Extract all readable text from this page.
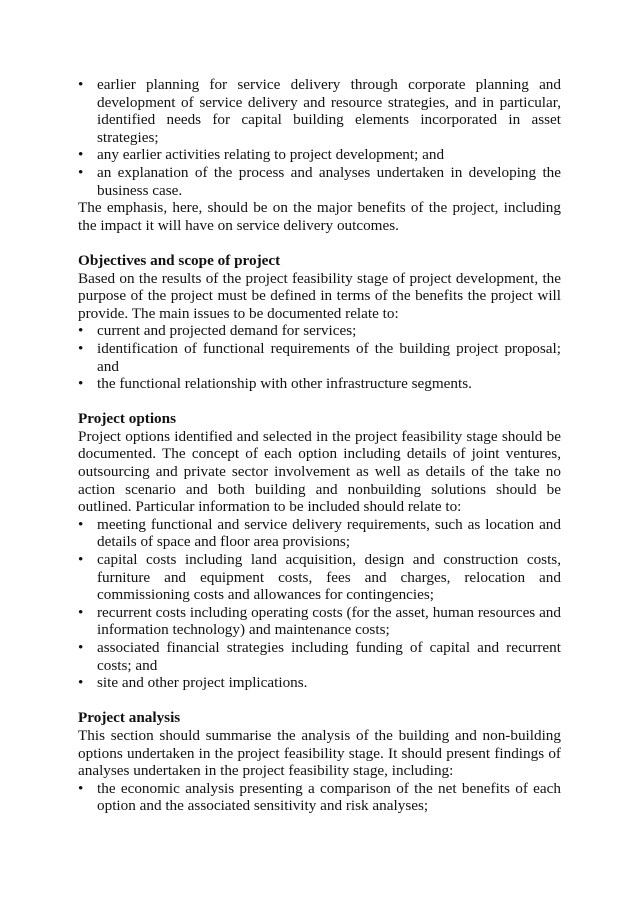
•
earlier planning for service delivery through corporate planning and development of service delivery and resource strategies, and in particular, identified needs for capital building elements incorporated in asset strategies;
•
any earlier activities relating to project development; and
•
an explanation of the process and analyses undertaken in developing the business case.

The emphasis, here, should be on the major benefits of the project, including the impact it will have on service delivery outcomes.

Objectives and scope of project

Based on the results of the project feasibility stage of project development, the purpose of the project must be defined in terms of the benefits the project will provide. The main issues to be documented relate to:

•
current and projected demand for services;
•
identification of functional requirements of the building project proposal; and
•
the functional relationship with other infrastructure segments.
Project options

Project options identified and selected in the project feasibility stage should be documented. The concept of each option including details of joint ventures, outsourcing and private sector involvement as well as details of the take no action scenario and both building and nonbuilding solutions should be outlined. Particular information to be included should relate to:

•
meeting functional and service delivery requirements, such as location and details of space and floor area provisions;
•
capital costs including land acquisition, design and construction costs, furniture and equipment costs, fees and charges, relocation and commissioning costs and allowances for contingencies;
•
recurrent costs including operating costs (for the asset, human resources and information technology) and maintenance costs;
•
associated financial strategies including funding of capital and recurrent costs; and
•
site and other project implications.
Project analysis

This section should summarise the analysis of the building and non-building options undertaken in the project feasibility stage. It should present findings of analyses undertaken in the project feasibility stage, including:

•
the economic analysis presenting a comparison of the net benefits of each option and the associated sensitivity and risk analyses;
